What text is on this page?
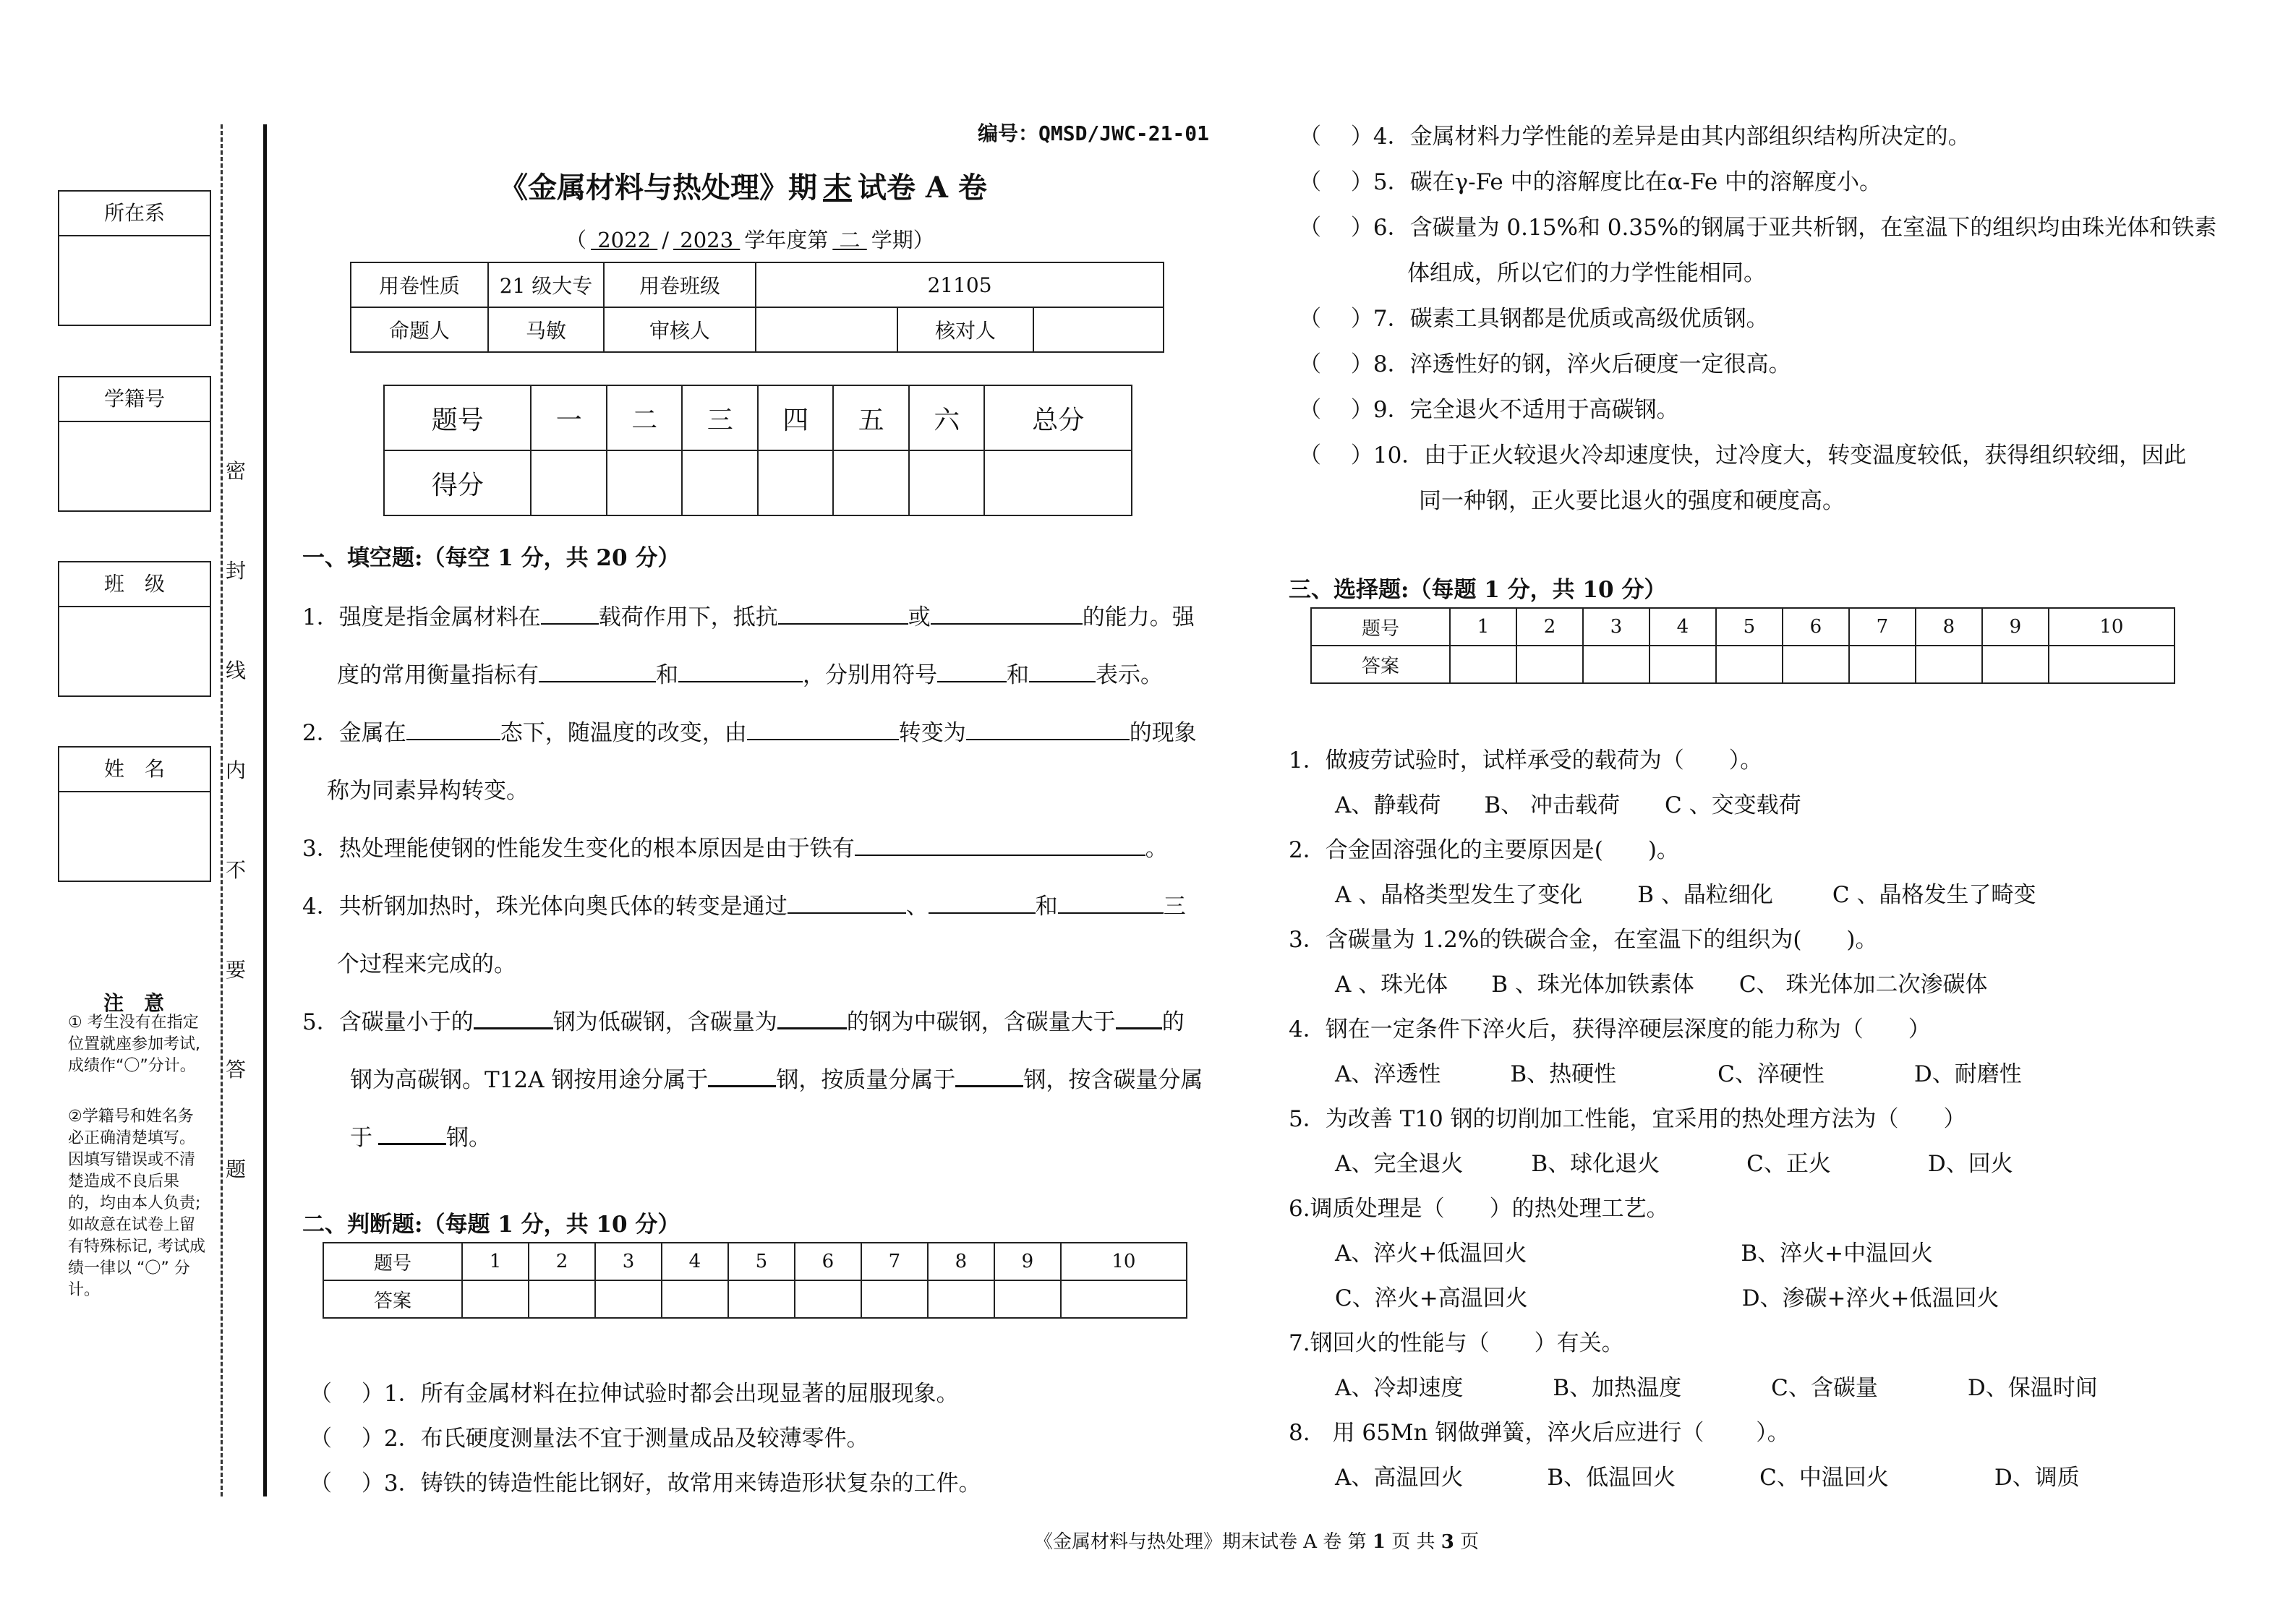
所在系
学籍号
班　级
姓　名
密
封
线
内
不
要
答
题
注　意
① 考生没有在指定位置就座参加考试,成绩作“〇”分计。
②学籍号和姓名务必正确清楚填写。因填写错误或不清楚造成不良后果的，均由本人负责;如故意在试卷上留有特殊标记, 考试成绩一律以 “〇” 分计。
编号：QMSD/JWC-21-01
《金属材料与热处理》期 末 试卷 A 卷
（ 2022 / 2023 学年度第 二 学期）
用卷性质	21 级大专	用卷班级	21105		
命题人	马敏	审核人		核对人	
题号	一	二	三	四	五	六	总分
得分							
一、填空题:（每空 1 分，共 20 分）
1．强度是指金属材料在	载荷作用下，抵抗	或	的能力。强
度的常用衡量指标有	和	，分别用符号	和	表示。
2．金属在	态下，随温度的改变，由	转变为	的现象
称为同素异构转变。
3．热处理能使钢的性能发生变化的根本原因是由于铁有	。
4．共析钢加热时，珠光体向奥氏体的转变是通过	、	和	三
个过程来完成的。
5．含碳量小于的	钢为低碳钢，含碳量为	的钢为中碳钢，含碳量大于 的
钢为高碳钢。T12A 钢按用途分属于	钢，按质量分属于	钢，按含碳量分属
于	钢。
二、判断题:（每题 1 分，共 10 分）
题号	1	2	3	4	5	6	7	8	9	10
答案										
（　 ）1．所有金属材料在拉伸试验时都会出现显著的屈服现象。
（　 ）2．布氏硬度测量法不宜于测量成品及较薄零件。
（　 ）3．铸铁的铸造性能比钢好，故常用来铸造形状复杂的工件。
（　 ）4．金属材料力学性能的差异是由其内部组织结构所决定的。
（　 ）5．碳在γ-Fe 中的溶解度比在α-Fe 中的溶解度小。
（　 ）6．含碳量为 0.15%和 0.35%的钢属于亚共析钢，在室温下的组织均由珠光体和铁素
体组成，所以它们的力学性能相同。
（　 ）7．碳素工具钢都是优质或高级优质钢。
（　 ）8．淬透性好的钢，淬火后硬度一定很高。
（　 ）9．完全退火不适用于高碳钢。
（　 ）10．由于正火较退火冷却速度快，过冷度大，转变温度较低，获得组织较细，因此
同一种钢，正火要比退火的强度和硬度高。
三、选择题:（每题 1 分，共 10 分）
题号	1	2	3	4	5	6	7	8	9	10
答案										
1．做疲劳试验时，试样承受的载荷为（　　）。
A、静载荷 B、 冲击载荷 C 、交变载荷
2．合金固溶强化的主要原因是(　　)。
A 、晶格类型发生了变化 B 、晶粒细化	C 、晶格发生了畸变
3．含碳量为 1.2%的铁碳合金，在室温下的组织为(　　)。
A 、珠光体 B 、珠光体加铁素体 C、 珠光体加二次渗碳体
4．钢在一定条件下淬火后，获得淬硬层深度的能力称为（　　）
A、淬透性	B、热硬性	C、淬硬性	D、耐磨性
5．为改善 T10 钢的切削加工性能，宜采用的热处理方法为（　　）
A、完全退火	B、球化退火	C、正火	D、回火
6.调质处理是（　　）的热处理工艺。
A、淬火+低温回火	B、淬火+中温回火
C、淬火+高温回火	D、渗碳+淬火+低温回火
7.钢回火的性能与（　　）有关。
A、冷却速度	B、加热温度	C、含碳量	D、保温时间
8.　用 65Mn 钢做弹簧，淬火后应进行（　　 ）。
A、高温回火	B、低温回火	C、中温回火	D、调质
《金属材料与热处理》期末试卷 A 卷 第 1 页 共 3 页
